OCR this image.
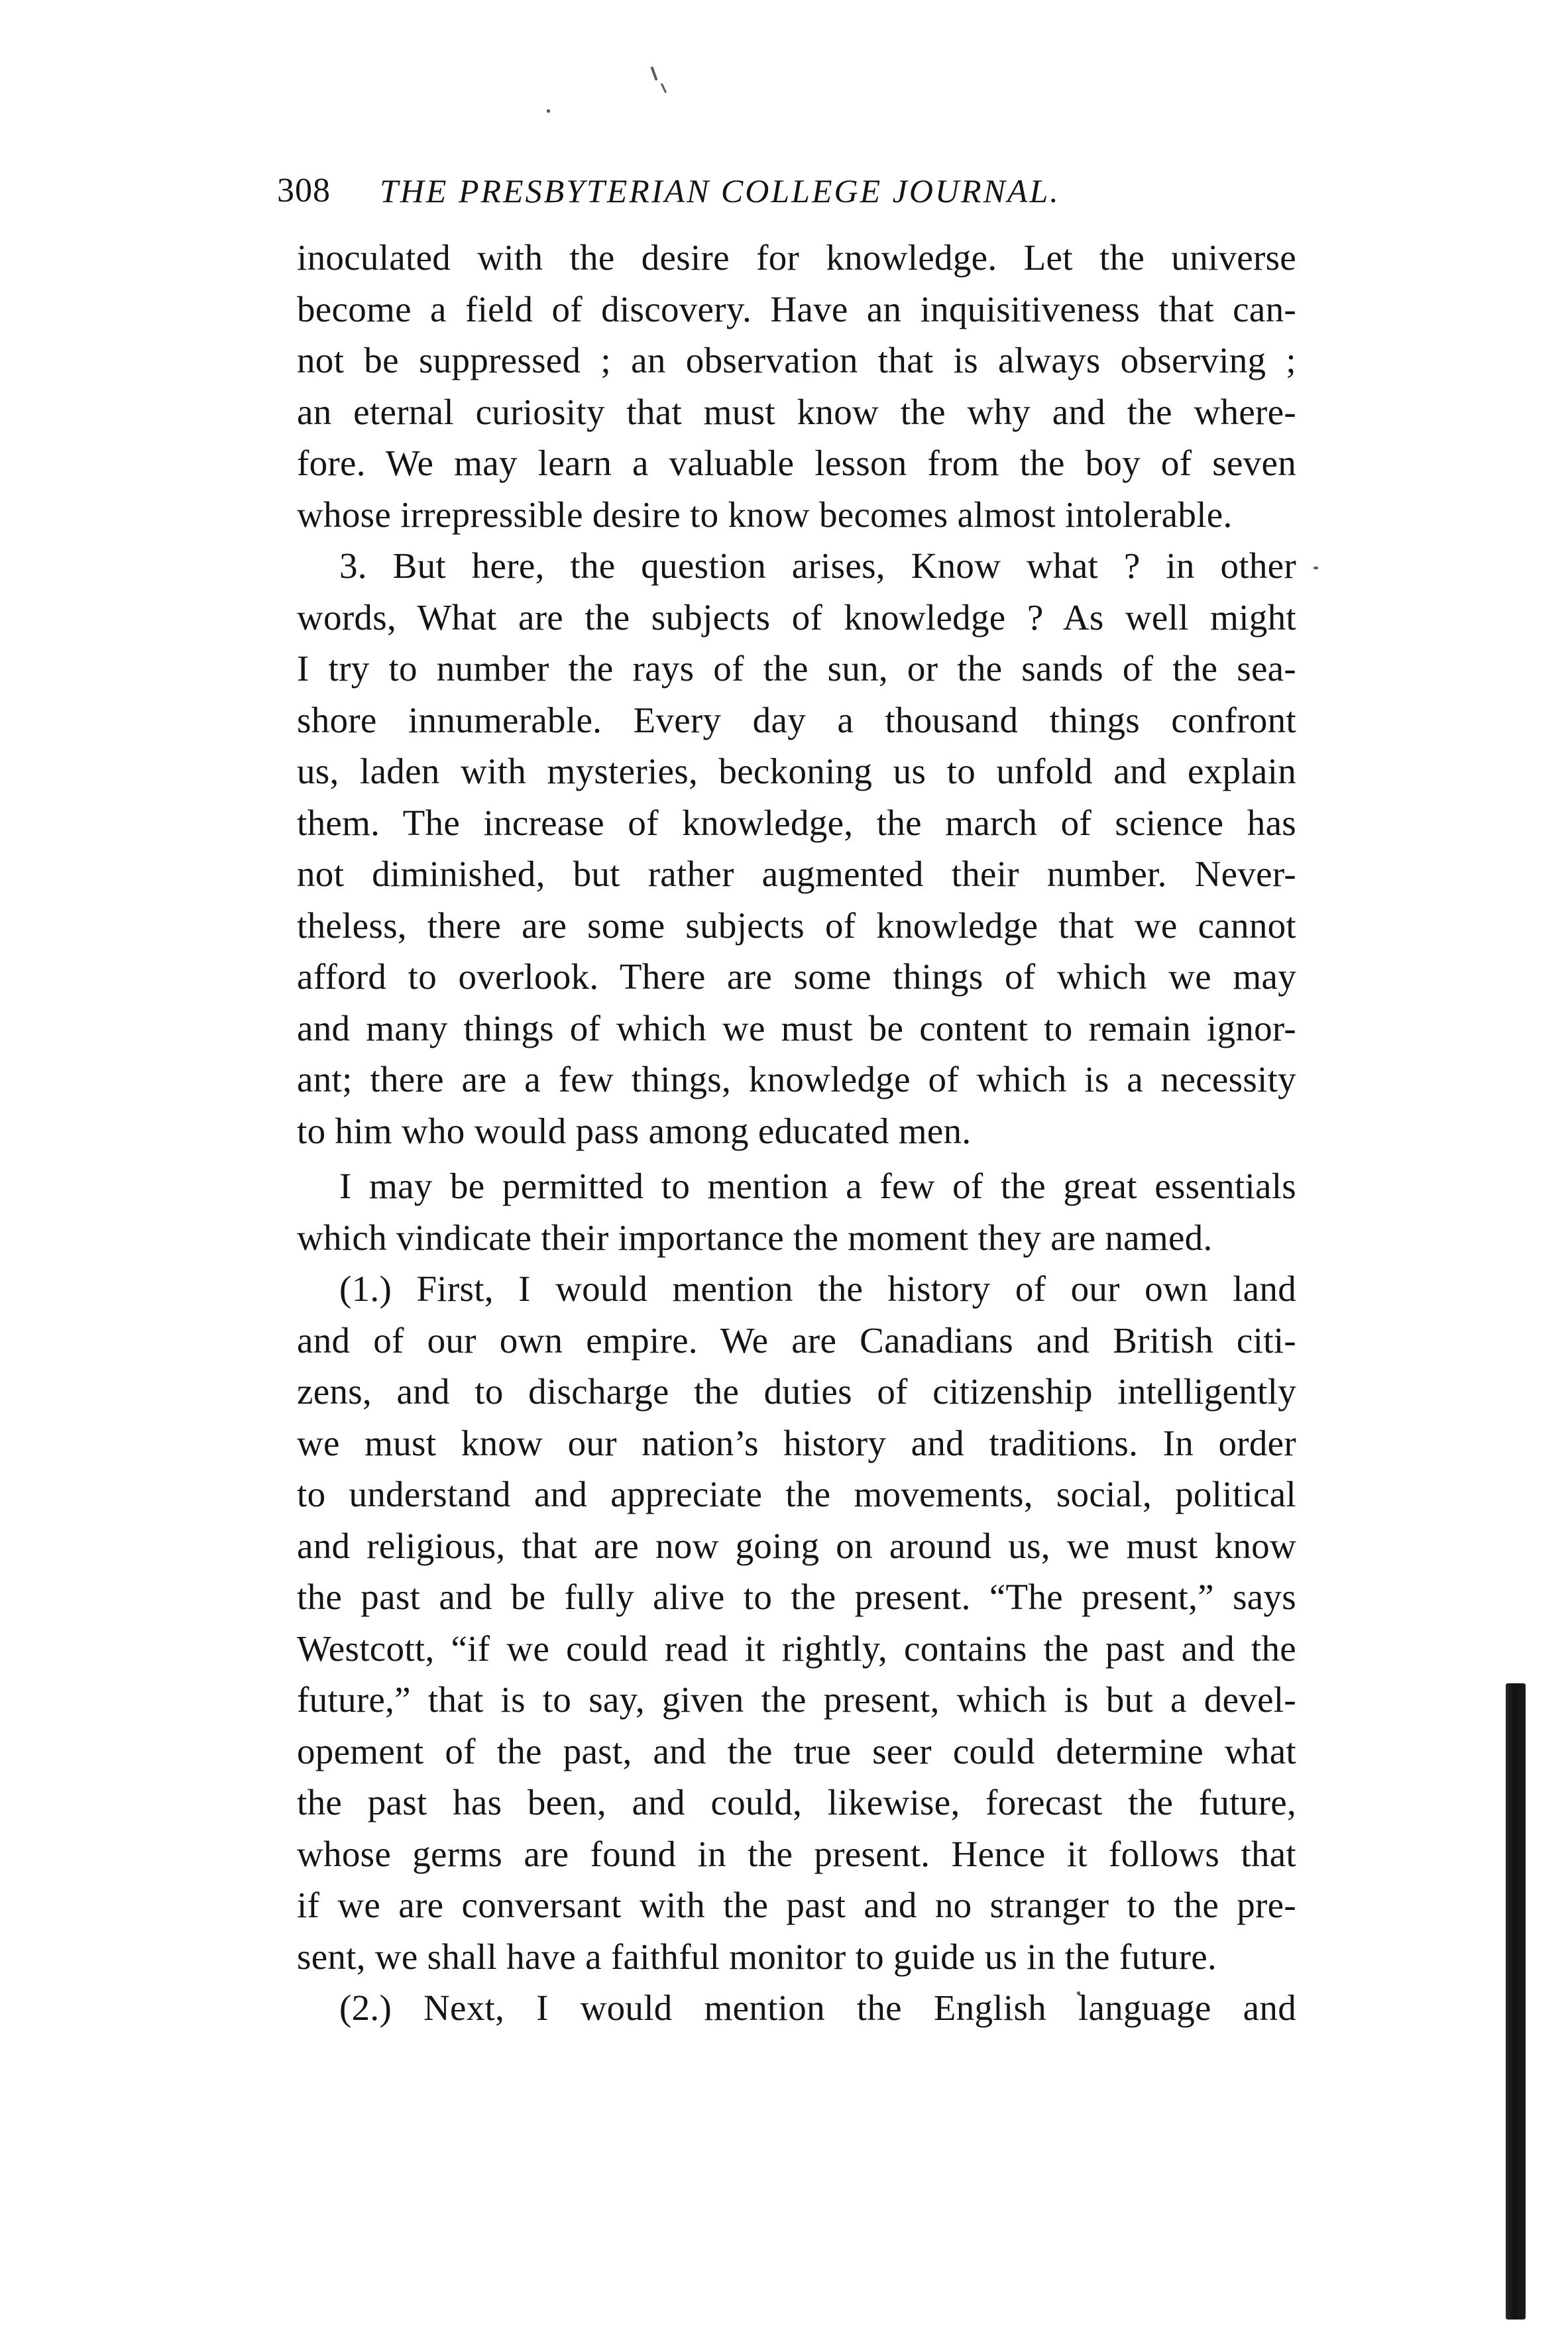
308 THE PRESBYTERIAN COLLEGE JOURNAL.
inoculated with the desire for knowledge. Let the universe
become a field of discovery. Have an inquisitiveness that can-
not be suppressed ; an observation that is always observing ;
an eternal curiosity that must know the why and the where-
fore. We may learn a valuable lesson from the boy of seven
whose irrepressible desire to know becomes almost intolerable.
3. But here, the question arises, Know what ? in other
words, What are the subjects of knowledge ? As well might
I try to number the rays of the sun, or the sands of the sea-
shore innumerable. Every day a thousand things confront
us, laden with mysteries, beckoning us to unfold and explain
them. The increase of knowledge, the march of science has
not diminished, but rather augmented their number. Never-
theless, there are some subjects of knowledge that we cannot
afford to overlook. There are some things of which we may
and many things of which we must be content to remain ignor-
ant; there are a few things, knowledge of which is a necessity
to him who would pass among educated men.
I may be permitted to mention a few of the great essentials
which vindicate their importance the moment they are named.
(1.) First, I would mention the history of our own land
and of our own empire. We are Canadians and British citi-
zens, and to discharge the duties of citizenship intelligently
we must know our nation’s history and traditions. In order
to understand and appreciate the movements, social, political
and religious, that are now going on around us, we must know
the past and be fully alive to the present. “The present,” says
Westcott, “if we could read it rightly, contains the past and the
future,” that is to say, given the present, which is but a devel-
opement of the past, and the true seer could determine what
the past has been, and could, likewise, forecast the future,
whose germs are found in the present. Hence it follows that
if we are conversant with the past and no stranger to the pre-
sent, we shall have a faithful monitor to guide us in the future.
(2.) Next, I would mention the English language and
